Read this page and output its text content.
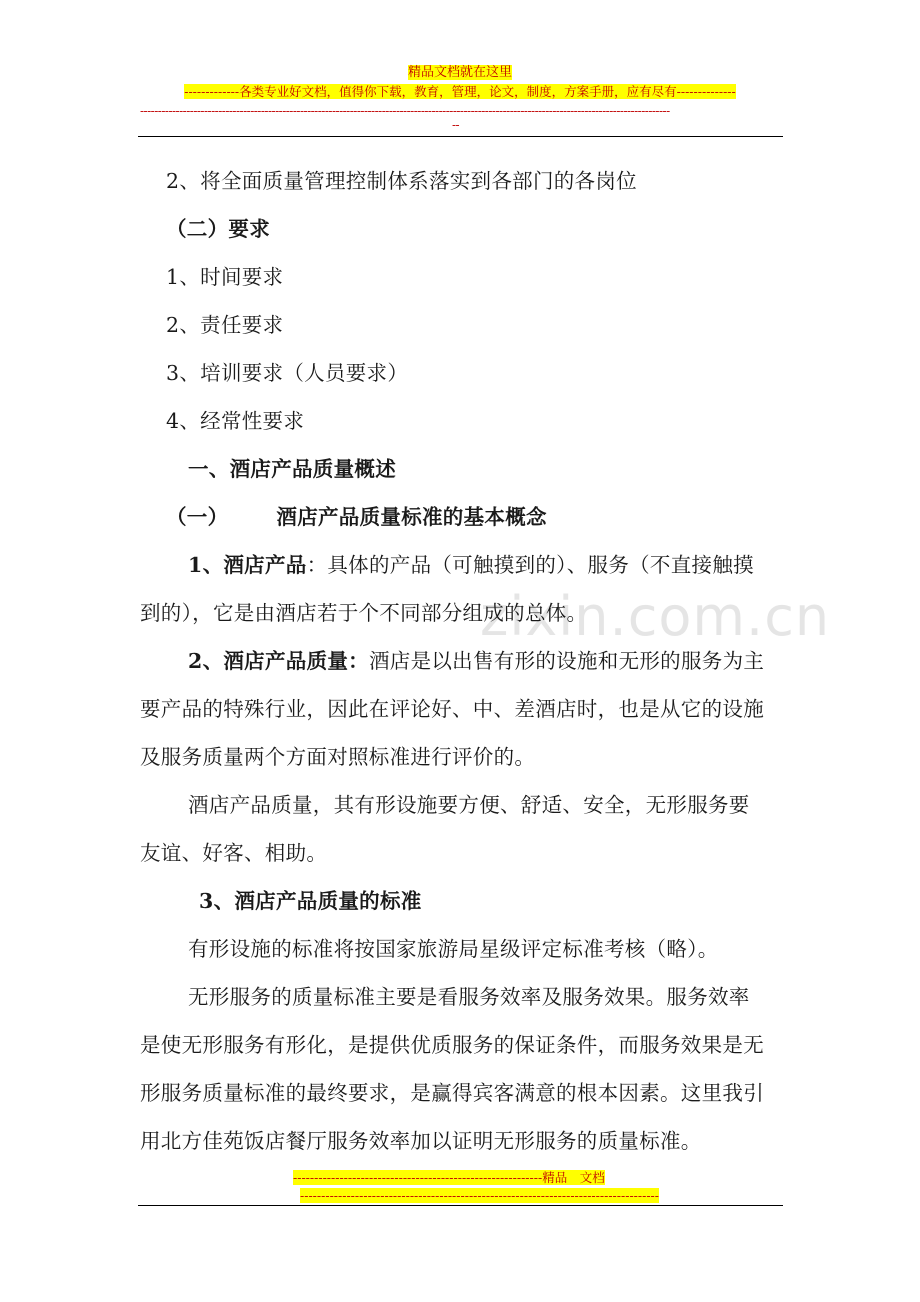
精品文档就在这里
-------------各类专业好文档，值得你下载，教育，管理，论文，制度，方案手册，应有尽有--------------
-----------------------------------------------------------------------------------------------------------------------------------------------------
--
zixin.com.cn
2、将全面质量管理控制体系落实到各部门的各岗位
（二）要求
1、时间要求
2、责任要求
3、培训要求（人员要求）
4、经常性要求
一、酒店产品质量概述
（一） 酒店产品质量标准的基本概念
1、酒店产品：具体的产品（可触摸到的）、服务（不直接触摸
到的），它是由酒店若于个不同部分组成的总体。
2、酒店产品质量：酒店是以出售有形的设施和无形的服务为主
要产品的特殊行业，因此在评论好、中、差酒店时，也是从它的设施
及服务质量两个方面对照标准进行评价的。
酒店产品质量，其有形设施要方便、舒适、安全，无形服务要
友谊、好客、相助。
3、酒店产品质量的标准
有形设施的标准将按国家旅游局星级评定标准考核（略）。
无形服务的质量标准主要是看服务效率及服务效果。服务效率
是使无形服务有形化，是提供优质服务的保证条件，而服务效果是无
形服务质量标准的最终要求，是赢得宾客满意的根本因素。这里我引
用北方佳苑饭店餐厅服务效率加以证明无形服务的质量标准。
-----------------------------------------------------------精品　文档
-------------------------------------------------------------------------------------
